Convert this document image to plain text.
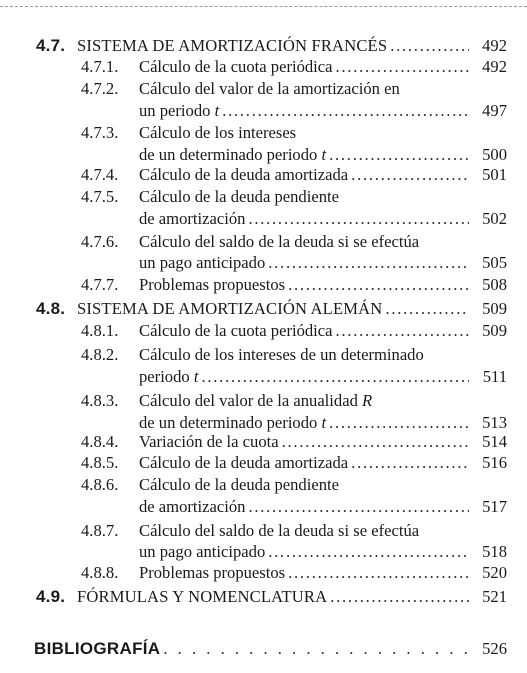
4.7. SISTEMA DE AMORTIZACIÓN FRANCÉS . . .	492
4.7.1. Cálculo de la cuota periódica . . .	492
4.7.2. Cálculo del valor de la amortización en
un periodo t . . .	497
4.7.3. Cálculo de los intereses
de un determinado periodo t . . .	500
4.7.4. Cálculo de la deuda amortizada . . .	501
4.7.5. Cálculo de la deuda pendiente
de amortización . . .	502
4.7.6. Cálculo del saldo de la deuda si se efectúa
un pago anticipado . . .	505
4.7.7. Problemas propuestos . . .	508
4.8. SISTEMA DE AMORTIZACIÓN ALEMÁN . . .	509
4.8.1. Cálculo de la cuota periódica . . .	509
4.8.2. Cálculo de los intereses de un determinado
periodo t . . .	511
4.8.3. Cálculo del valor de la anualidad R
de un determinado periodo t . . .	513
4.8.4. Variación de la cuota . . .	514
4.8.5. Cálculo de la deuda amortizada . . .	516
4.8.6. Cálculo de la deuda pendiente
de amortización . . .	517
4.8.7. Cálculo del saldo de la deuda si se efectúa
un pago anticipado . . .	518
4.8.8. Problemas propuestos . . .	520
4.9. FÓRMULAS Y NOMENCLATURA . . .	521
BIBLIOGRAFÍA . . .	526
